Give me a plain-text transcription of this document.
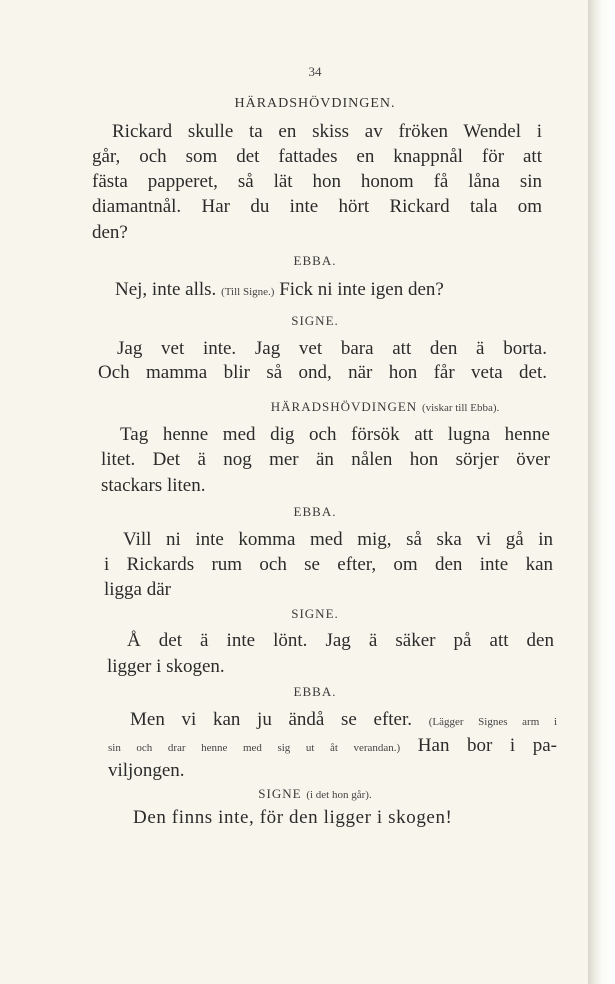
34
HÄRADSHÖVDINGEN.
Rickard skulle ta en skiss av fröken Wendel i
går, och som det fattades en knappnål för att
fästa papperet, så lät hon honom få låna sin
diamantnål. Har du inte hört Rickard tala om
den?
EBBA.
Nej, inte alls. (Till Signe.) Fick ni inte igen den?
SIGNE.
Jag vet inte. Jag vet bara att den ä borta.
Och mamma blir så ond, när hon får veta det.
HÄRADSHÖVDINGEN (viskar till Ebba).
Tag henne med dig och försök att lugna henne
litet. Det ä nog mer än nålen hon sörjer över
stackars liten.
EBBA.
Vill ni inte komma med mig, så ska vi gå in
i Rickards rum och se efter, om den inte kan
ligga där
SIGNE.
Å det ä inte lönt. Jag ä säker på att den
ligger i skogen.
EBBA.
Men vi kan ju ändå se efter. (Lägger Signes arm i
sin och drar henne med sig ut åt verandan.) Han bor i pa-
viljongen.
SIGNE (i det hon går).
Den finns inte, för den ligger i skogen!
